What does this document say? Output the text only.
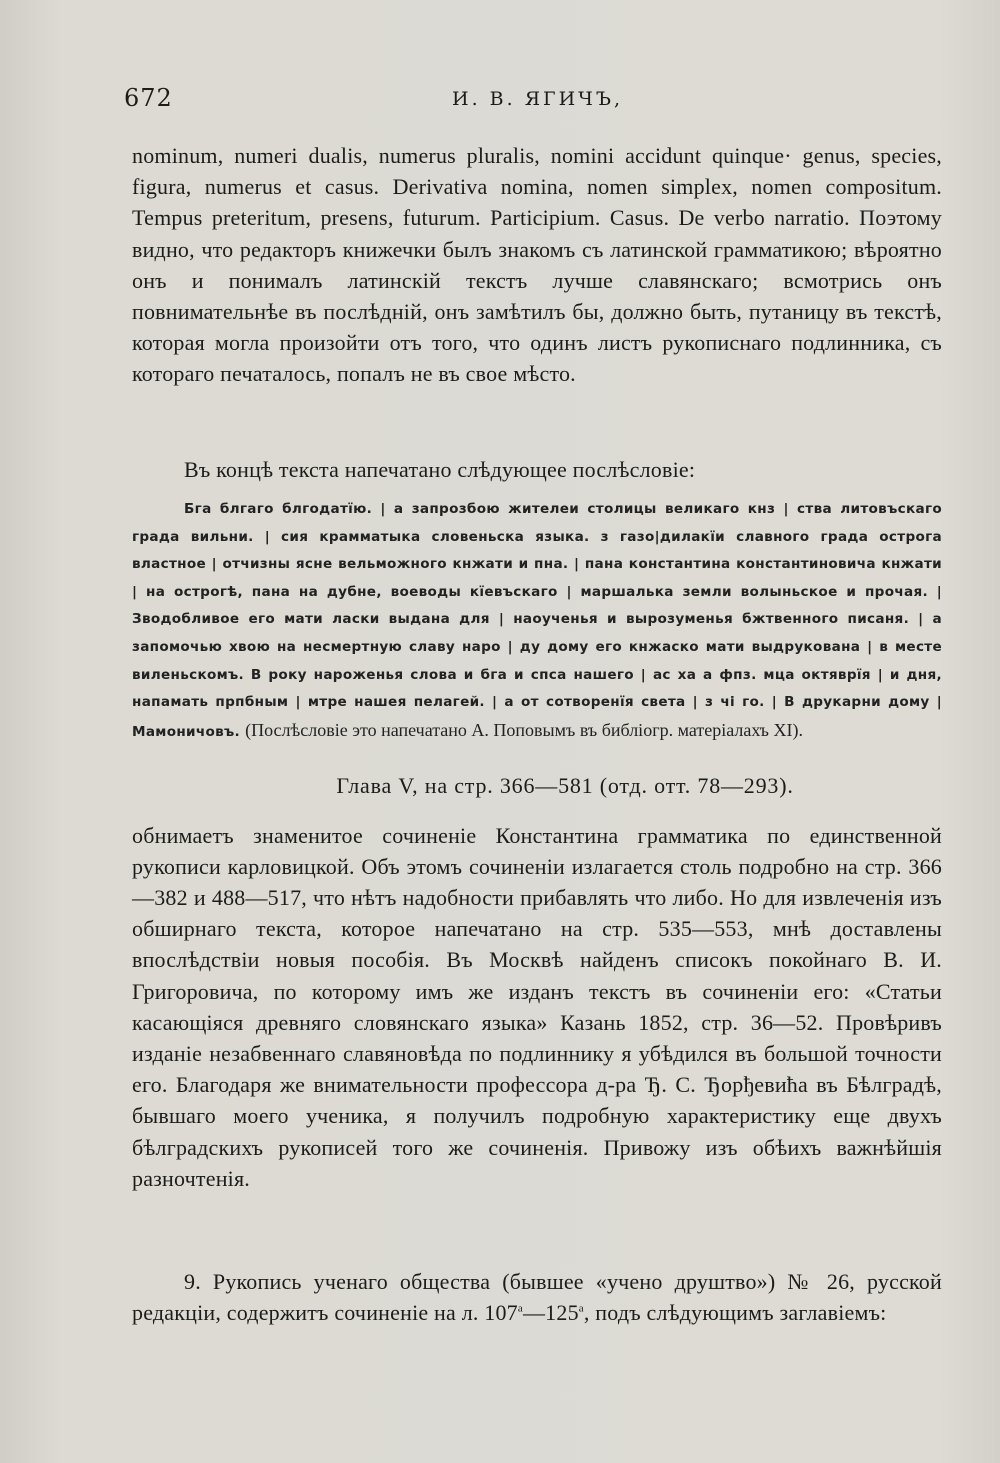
672	И. В. ЯГИЧЪ,

nominum, numeri dualis, numerus pluralis, nomini accidunt quinque· genus, species, figura, numerus et casus. Derivativa nomina, nomen simplex, nomen compositum. Tempus preteritum, presens, futurum. Participium. Casus. De verbo narratio. Поэтому видно, что редакторъ книжечки былъ знакомъ съ латинской грамматикою; вѣроятно онъ и понималъ латинскій текстъ лучше славянскаго; всмотрись онъ повнимательнѣе въ послѣдній, онъ замѣтилъ бы, должно быть, путаницу въ текстѣ, которая могла произойти отъ того, что одинъ листъ рукописнаго подлинника, съ котораго печаталось, попалъ не въ свое мѣсто.

Въ концѣ текста напечатано слѣдующее послѣсловіе:

Бга блгаго блгодатїю. | а запрозбою жителеи столицы великаго кнз | ства литовъскаго града вильни. | сия крамматыка словеньска языка. з газо|дилакїи славного града острога властное | отчизны ясне вельможного кнжати и пна. | пана константина константиновича кнжати | на острогѣ, пана на дубне, воеводы кїевъскаго | маршалька земли волыньское и прочая. | Зводобливое его мати ласки выдана для | наоученья и вырозуменья бжтвенного писаня. | а запомочью хвою на несмертную славу наро | ду дому его кнжаско мати выдрукована | в месте виленьскомъ. В року нароженья слова и бга и спса нашего | ас ха а фпз. мца октяврїя | и дня, напамать прпбным | мтре нашея пелагей. | а от сотворенїя света | з чi го. | В друкарни дому | Мамоничовъ. (Послѣсловіе это напечатано А. Поповымъ въ библіогр. матеріалахъ XI).

Глава V, на стр. 366—581 (отд. отт. 78—293).

обнимаетъ знаменитое сочиненіе Константина грамматика по единственной рукописи карловицкой. Объ этомъ сочиненіи излагается столь подробно на стр. 366—382 и 488—517, что нѣтъ надобности прибавлять что либо. Но для извлеченія изъ обширнаго текста, которое напечатано на стр. 535—553, мнѣ доставлены впослѣдствіи новыя пособія. Въ Москвѣ найденъ списокъ покойнаго В. И. Григоровича, по которому имъ же изданъ текстъ въ сочиненіи его: «Статьи касающіяся древняго словянскаго языка» Казань 1852, стр. 36—52. Провѣривъ изданіе незабвеннаго славяновѣда по подлиннику я убѣдился въ большой точности его. Благодаря же внимательности профессора д-ра Ђ. С. Ђорђевића въ Бѣлградѣ, бывшаго моего ученика, я получилъ подробную характеристику еще двухъ бѣлградскихъ рукописей того же сочиненія. Привожу изъ обѣихъ важнѣйшія разночтенія.

9. Рукопись ученаго общества (бывшее «учено друштво») № 26, русской редакціи, содержитъ сочиненіе на л. $107^а—125^а$, подъ слѣдующимъ заглавіемъ:
